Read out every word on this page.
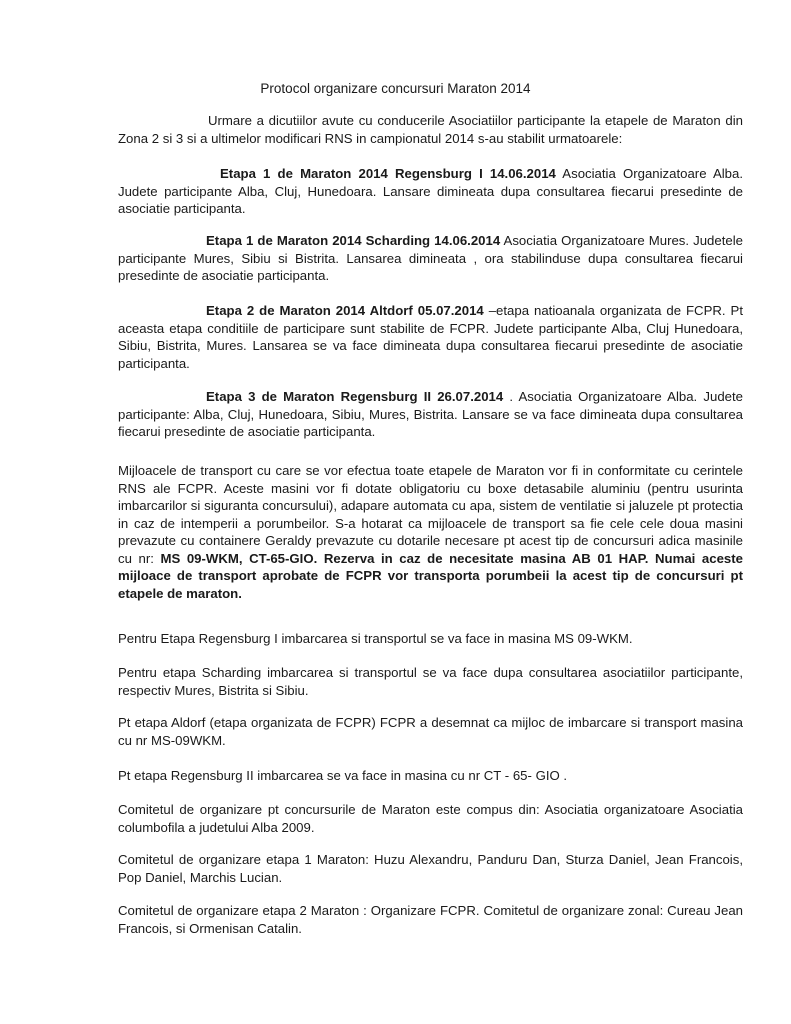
Protocol organizare concursuri Maraton 2014

Urmare a dicutiilor avute cu conducerile Asociatiilor participante la etapele de Maraton din Zona 2 si 3 si a ultimelor modificari RNS in campionatul 2014 s-au stabilit urmatoarele:

Etapa 1 de Maraton 2014 Regensburg I 14.06.2014 Asociatia Organizatoare Alba. Judete participante Alba, Cluj, Hunedoara. Lansare dimineata dupa consultarea fiecarui presedinte de asociatie participanta.

Etapa 1 de Maraton 2014 Scharding 14.06.2014 Asociatia Organizatoare Mures. Judetele participante Mures, Sibiu si Bistrita. Lansarea dimineata , ora stabilinduse dupa consultarea fiecarui presedinte de asociatie participanta.

Etapa 2 de Maraton 2014 Altdorf 05.07.2014 –etapa natioanala organizata de FCPR. Pt aceasta etapa conditiile de participare sunt stabilite de FCPR. Judete participante Alba, Cluj Hunedoara, Sibiu, Bistrita, Mures. Lansarea se va face dimineata dupa consultarea fiecarui presedinte de asociatie participanta.

Etapa 3 de Maraton Regensburg II 26.07.2014 . Asociatia Organizatoare Alba. Judete participante: Alba, Cluj, Hunedoara, Sibiu, Mures, Bistrita. Lansare se va face dimineata dupa consultarea fiecarui presedinte de asociatie participanta.

Mijloacele de transport cu care se vor efectua toate etapele de Maraton vor fi in conformitate cu cerintele RNS ale FCPR. Aceste masini vor fi dotate obligatoriu cu boxe detasabile aluminiu (pentru usurinta imbarcarilor si siguranta concursului), adapare automata cu apa, sistem de ventilatie si jaluzele pt protectia in caz de intemperii a porumbeilor. S-a hotarat ca mijloacele de transport sa fie cele cele doua masini prevazute cu containere Geraldy prevazute cu dotarile necesare pt acest tip de concursuri adica masinile cu nr: MS 09-WKM, CT-65-GIO. Rezerva in caz de necesitate masina AB 01 HAP. Numai aceste mijloace de transport aprobate de FCPR vor transporta porumbeii la acest tip de concursuri pt etapele de maraton.

Pentru Etapa Regensburg I imbarcarea si transportul se va face in masina MS 09-WKM.

Pentru etapa Scharding imbarcarea si transportul se va face dupa consultarea asociatiilor participante, respectiv Mures, Bistrita si Sibiu.

Pt etapa Aldorf (etapa organizata de FCPR) FCPR a desemnat ca mijloc de imbarcare si transport masina cu nr MS-09WKM.

Pt etapa Regensburg II imbarcarea se va face in masina cu nr CT - 65- GIO .

Comitetul de organizare pt concursurile de Maraton este compus din: Asociatia organizatoare Asociatia columbofila a judetului Alba 2009.

Comitetul de organizare etapa 1 Maraton: Huzu Alexandru, Panduru Dan, Sturza Daniel, Jean Francois, Pop Daniel, Marchis Lucian.

Comitetul de organizare etapa 2 Maraton : Organizare FCPR. Comitetul de organizare zonal: Cureau Jean Francois, si Ormenisan Catalin.
